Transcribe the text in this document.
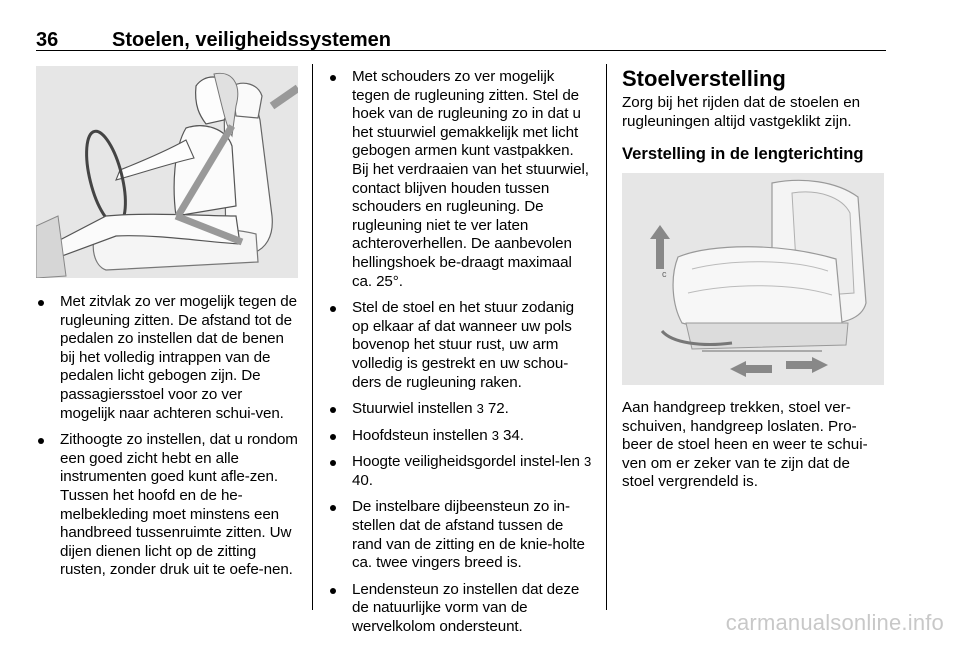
36	Stoelen, veiligheidssystemen
Met zitvlak zo ver mogelijk tegen de rugleuning zitten. De afstand tot de pedalen zo instellen dat de benen bij het volledig intrappen van de pedalen licht gebogen zijn. De passagiersstoel voor zo ver mogelijk naar achteren schui-ven.
Zithoogte zo instellen, dat u rondom een goed zicht hebt en alle instrumenten goed kunt afle-zen. Tussen het hoofd en de he-melbekleding moet minstens een handbreed tussenruimte zitten. Uw dijen dienen licht op de zitting rusten, zonder druk uit te oefe-nen.
Met schouders zo ver mogelijk tegen de rugleuning zitten. Stel de hoek van de rugleuning zo in dat u het stuurwiel gemakkelijk met licht gebogen armen kunt vastpakken. Bij het verdraaien van het stuurwiel, contact blijven houden tussen schouders en rugleuning. De rugleuning niet te ver laten achteroverhellen. De aanbevolen hellingshoek be-draagt maximaal ca. 25°.
Stel de stoel en het stuur zodanig op elkaar af dat wanneer uw pols bovenop het stuur rust, uw arm volledig is gestrekt en uw schou-ders de rugleuning raken.
Stuurwiel instellen 3 72.
Hoofdsteun instellen 3 34.
Hoogte veiligheidsgordel instel-len 3 40.
De instelbare dijbeensteun zo in-stellen dat de afstand tussen de rand van de zitting en de knie-holte ca. twee vingers breed is.
Lendensteun zo instellen dat deze de natuurlijke vorm van de wervelkolom ondersteunt.
Stoelverstelling
Zorg bij het rijden dat de stoelen en rugleuningen altijd vastgeklikt zijn.
Verstelling in de lengterichting
c
Aan handgreep trekken, stoel ver-schuiven, handgreep loslaten. Pro-beer de stoel heen en weer te schui-ven om er zeker van te zijn dat de stoel vergrendeld is.
carmanualsonline.info
